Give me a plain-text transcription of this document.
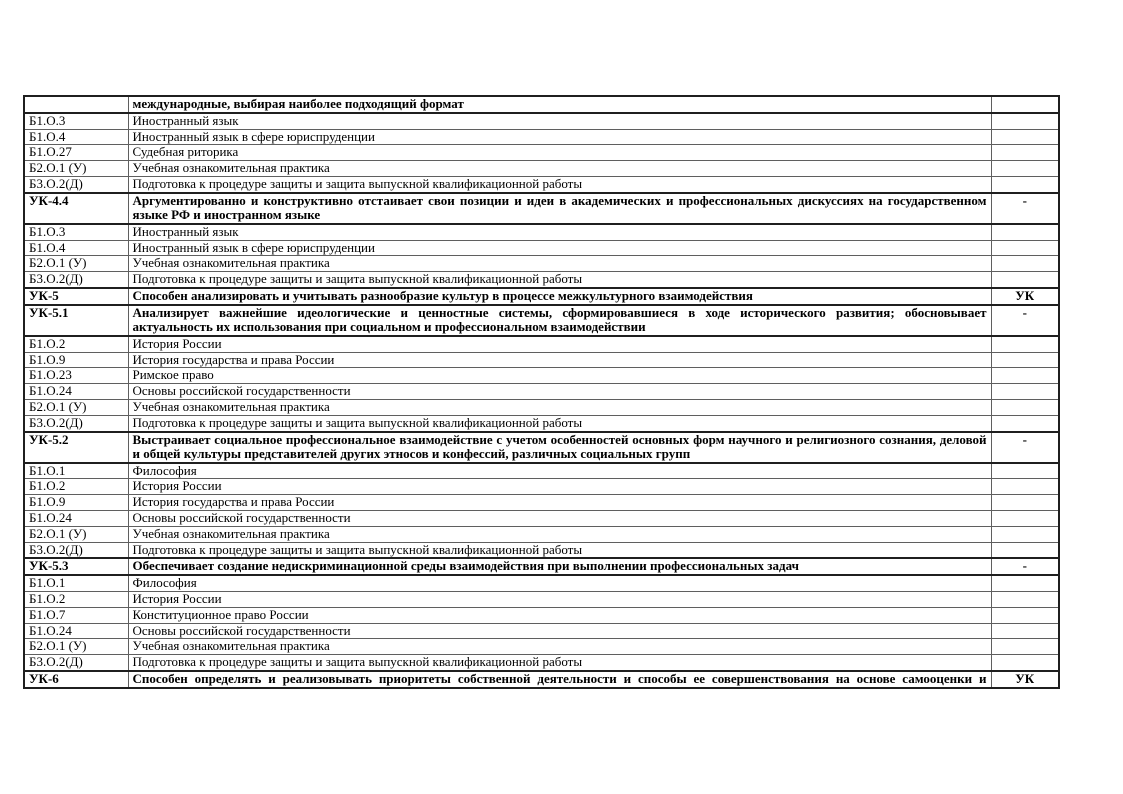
	международные, выбирая наиболее подходящий формат	
Б1.О.3	Иностранный язык	
Б1.О.4	Иностранный язык в сфере юриспруденции	
Б1.О.27	Судебная риторика	
Б2.О.1 (У)	Учебная ознакомительная практика	
Б3.О.2(Д)	Подготовка к процедуре защиты и защита выпускной квалификационной работы	
УК-4.4	Аргументированно и конструктивно отстаивает свои позиции и идеи в академических и профессиональных дискуссиях на государственном языке РФ и иностранном языке	-
Б1.О.3	Иностранный язык	
Б1.О.4	Иностранный язык в сфере юриспруденции	
Б2.О.1 (У)	Учебная ознакомительная практика	
Б3.О.2(Д)	Подготовка к процедуре защиты и защита выпускной квалификационной работы	
УК-5	Способен анализировать и учитывать разнообразие культур в процессе межкультурного взаимодействия	УК
УК-5.1	Анализирует важнейшие идеологические и ценностные системы, сформировавшиеся в ходе исторического развития; обосновывает актуальность их использования при социальном и профессиональном взаимодействии	-
Б1.О.2	История России	
Б1.О.9	История государства и права России	
Б1.О.23	Римское право	
Б1.О.24	Основы российской государственности	
Б2.О.1 (У)	Учебная ознакомительная практика	
Б3.О.2(Д)	Подготовка к процедуре защиты и защита выпускной квалификационной работы	
УК-5.2	Выстраивает социальное профессиональное взаимодействие с учетом особенностей основных форм научного и религиозного сознания, деловой и общей культуры представителей других этносов и конфессий, различных социальных групп	-
Б1.О.1	Философия	
Б1.О.2	История России	
Б1.О.9	История государства и права России	
Б1.О.24	Основы российской государственности	
Б2.О.1 (У)	Учебная ознакомительная практика	
Б3.О.2(Д)	Подготовка к процедуре защиты и защита выпускной квалификационной работы	
УК-5.3	Обеспечивает создание недискриминационной среды взаимодействия при выполнении профессиональных задач	-
Б1.О.1	Философия	
Б1.О.2	История России	
Б1.О.7	Конституционное право России	
Б1.О.24	Основы российской государственности	
Б2.О.1 (У)	Учебная ознакомительная практика	
Б3.О.2(Д)	Подготовка к процедуре защиты и защита выпускной квалификационной работы	
УК-6	Способен определять и реализовывать приоритеты собственной деятельности и способы ее совершенствования на основе самооценки и	УК
